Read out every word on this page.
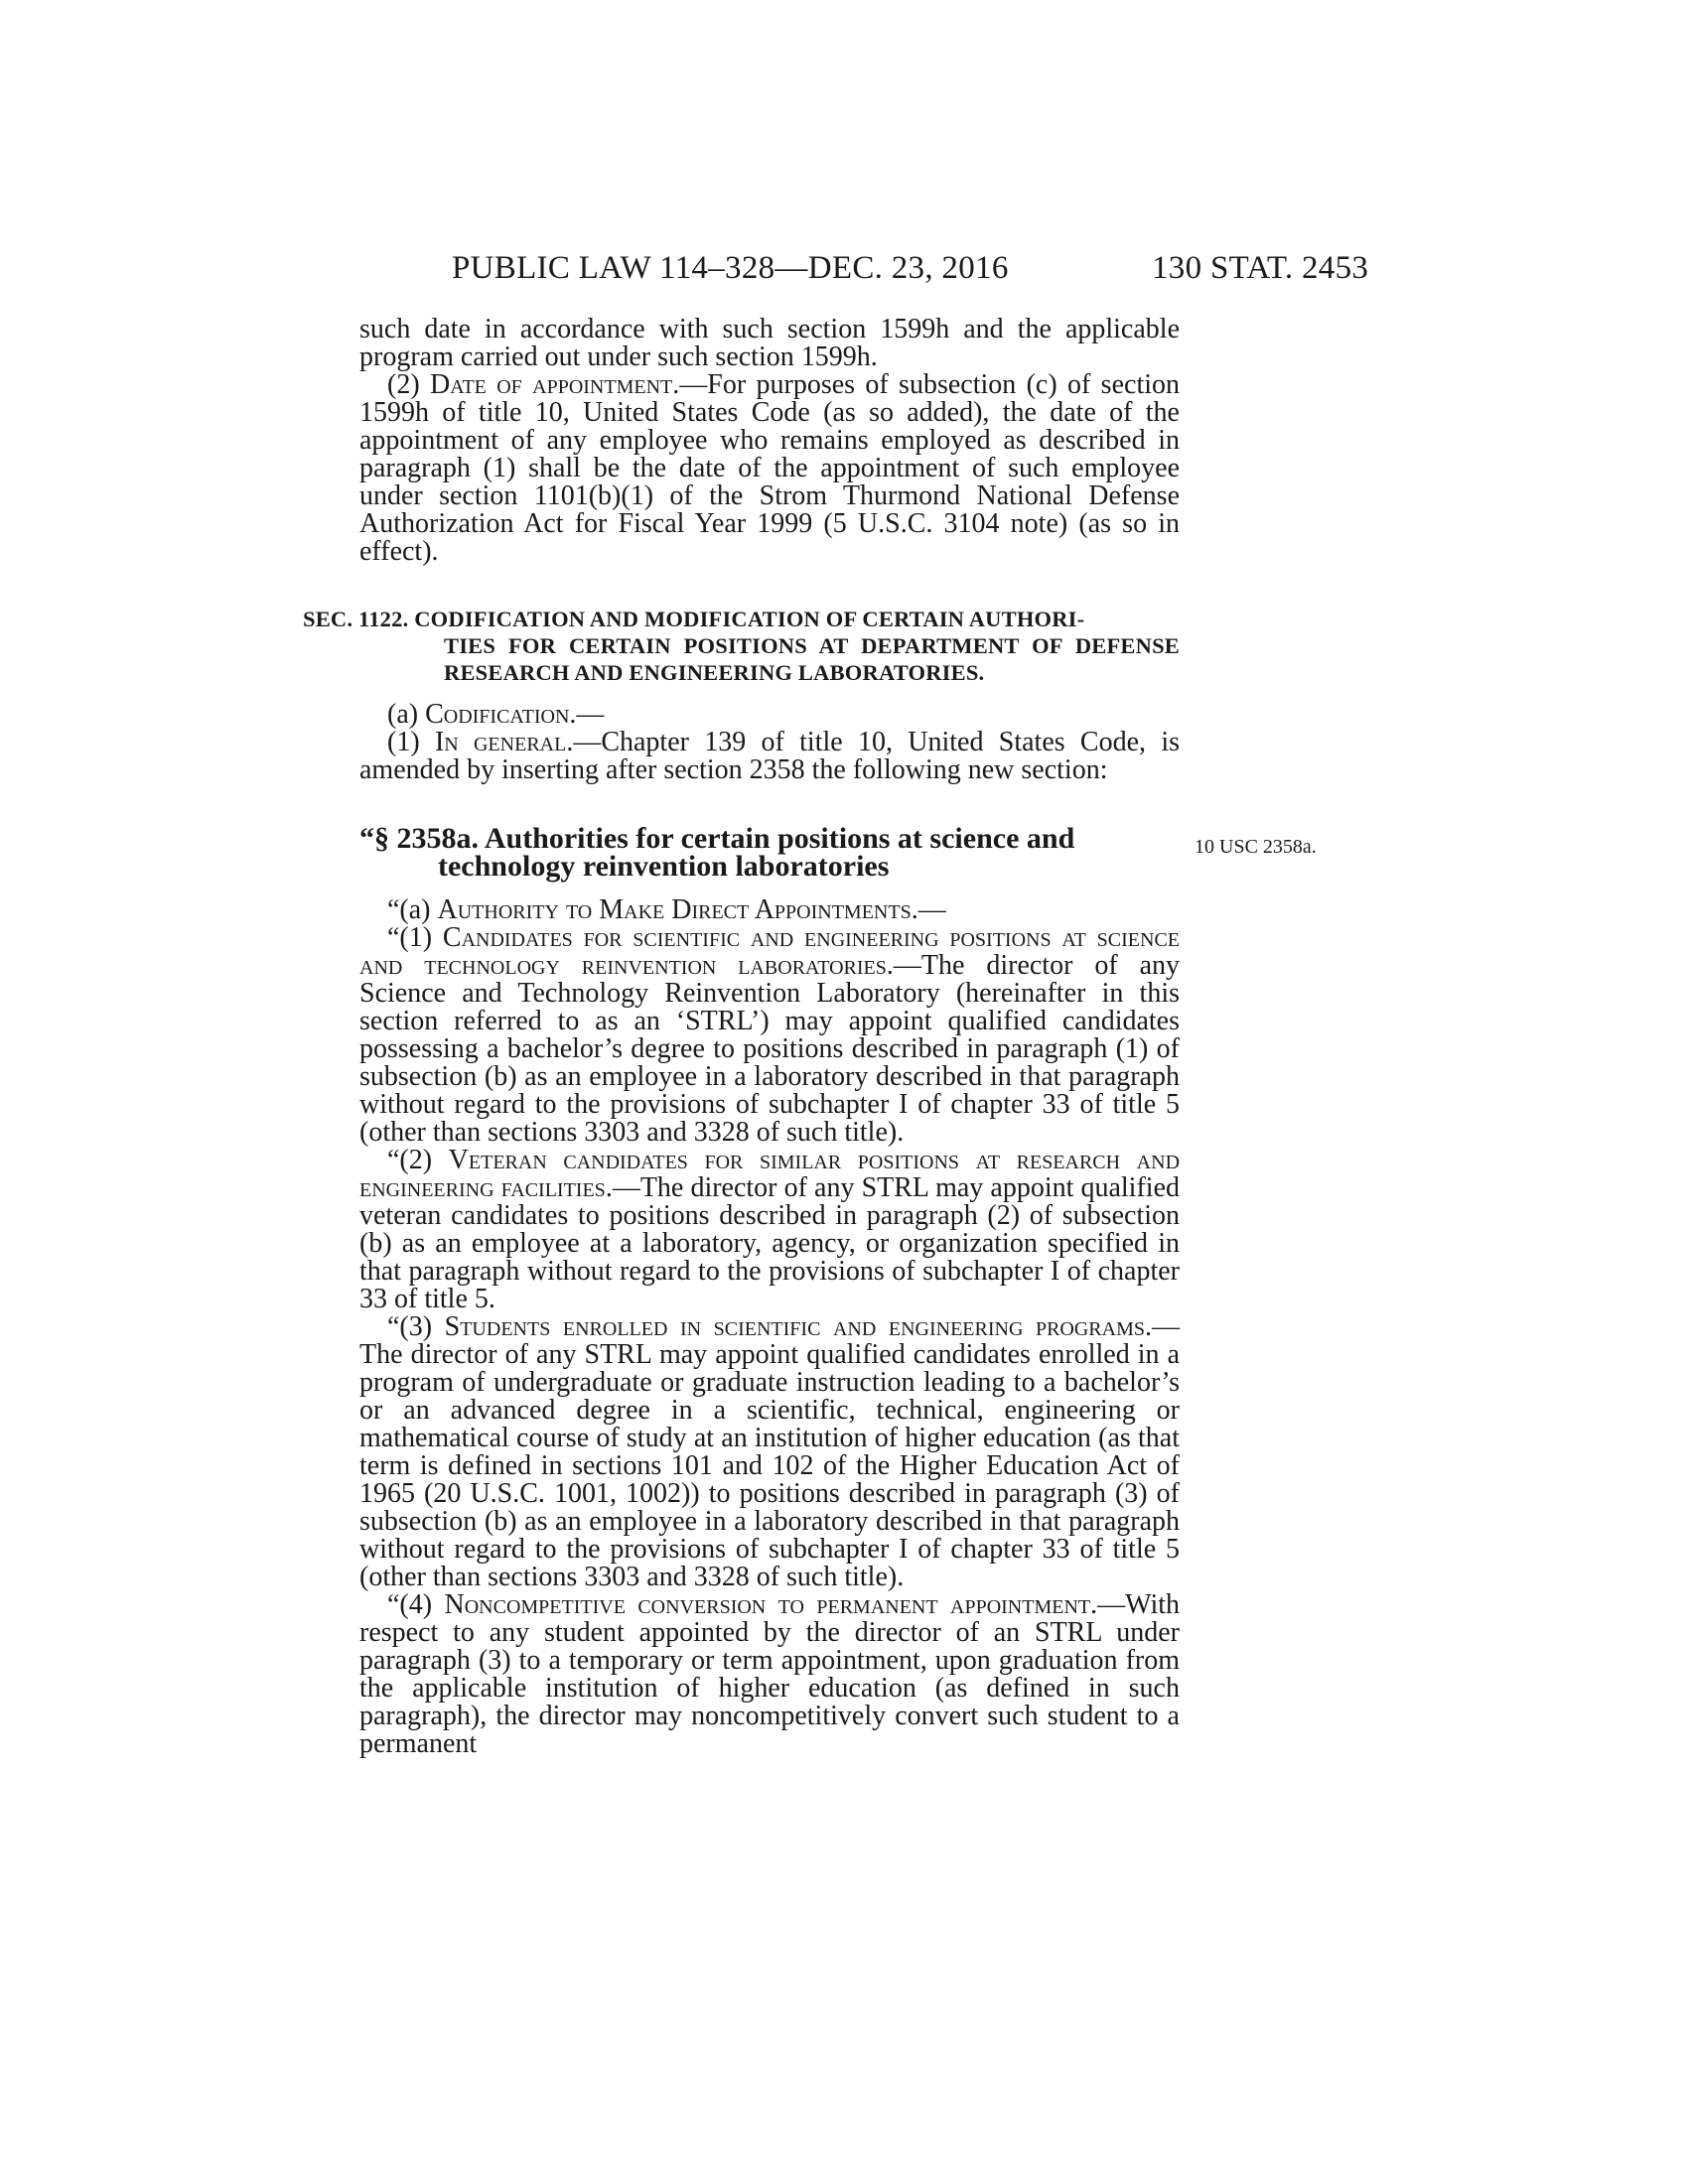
PUBLIC LAW 114–328—DEC. 23, 2016	130 STAT. 2453

such date in accordance with such section 1599h and the applicable program carried out under such section 1599h.

(2) Date of appointment.—For purposes of subsection (c) of section 1599h of title 10, United States Code (as so added), the date of the appointment of any employee who remains employed as described in paragraph (1) shall be the date of the appointment of such employee under section 1101(b)(1) of the Strom Thurmond National Defense Authorization Act for Fiscal Year 1999 (5 U.S.C. 3104 note) (as so in effect).

SEC. 1122. CODIFICATION AND MODIFICATION OF CERTAIN AUTHORI-
TIES FOR CERTAIN POSITIONS AT DEPARTMENT OF DEFENSE RESEARCH AND ENGINEERING LABORATORIES.

(a) Codification.—

(1) In general.—Chapter 139 of title 10, United States Code, is amended by inserting after section 2358 the following new section:

“§ 2358a. Authorities for certain positions at science and
technology reinvention laboratories
10 USC 2358a.

“(a) Authority to Make Direct Appointments.—

“(1) Candidates for scientific and engineering positions at science and technology reinvention laboratories.—The director of any Science and Technology Reinvention Laboratory (hereinafter in this section referred to as an ‘STRL’) may appoint qualified candidates possessing a bachelor’s degree to positions described in paragraph (1) of subsection (b) as an employee in a laboratory described in that paragraph without regard to the provisions of subchapter I of chapter 33 of title 5 (other than sections 3303 and 3328 of such title).

“(2) Veteran candidates for similar positions at research and engineering facilities.—The director of any STRL may appoint qualified veteran candidates to positions described in paragraph (2) of subsection (b) as an employee at a laboratory, agency, or organization specified in that paragraph without regard to the provisions of subchapter I of chapter 33 of title 5.

“(3) Students enrolled in scientific and engineering programs.—The director of any STRL may appoint qualified candidates enrolled in a program of undergraduate or graduate instruction leading to a bachelor’s or an advanced degree in a scientific, technical, engineering or mathematical course of study at an institution of higher education (as that term is defined in sections 101 and 102 of the Higher Education Act of 1965 (20 U.S.C. 1001, 1002)) to positions described in paragraph (3) of subsection (b) as an employee in a laboratory described in that paragraph without regard to the provisions of subchapter I of chapter 33 of title 5 (other than sections 3303 and 3328 of such title).

“(4) Noncompetitive conversion to permanent appointment.—With respect to any student appointed by the director of an STRL under paragraph (3) to a temporary or term appointment, upon graduation from the applicable institution of higher education (as defined in such paragraph), the director may noncompetitively convert such student to a permanent
